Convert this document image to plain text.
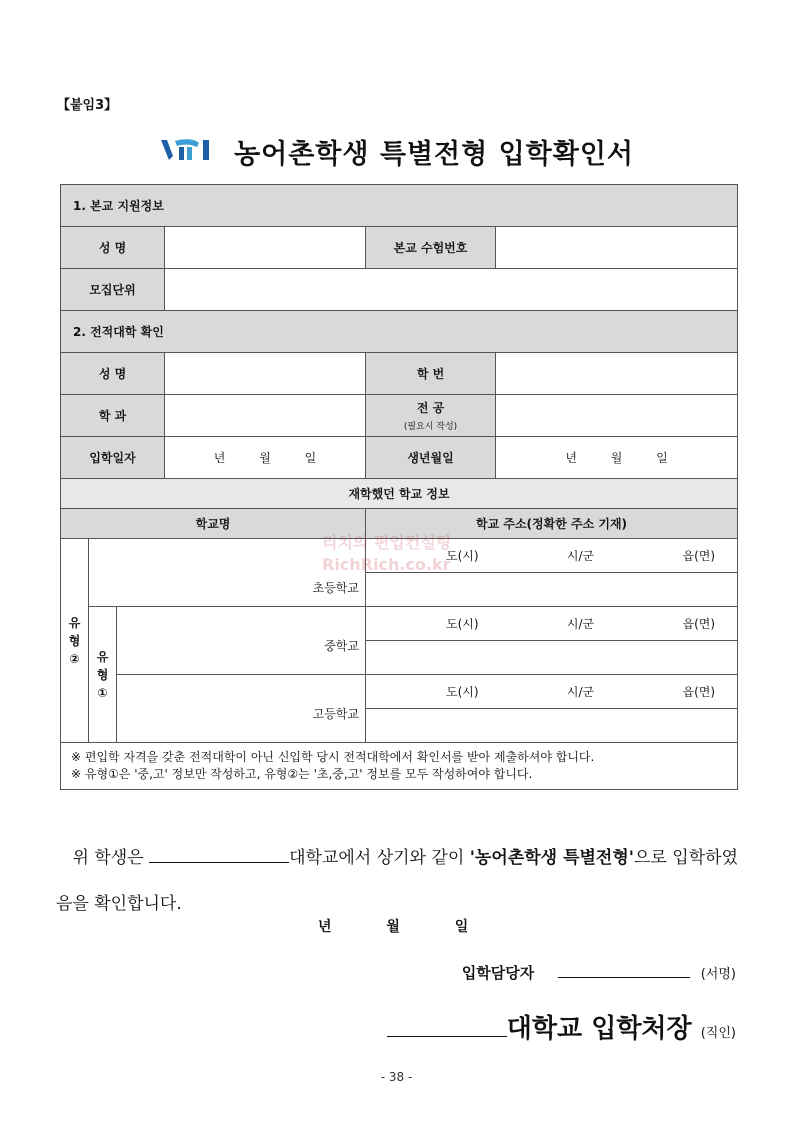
【붙임3】
농어촌학생 특별전형 입학확인서
1. 본교 지원정보					
성 명				본교 수험번호	
모집단위					
2. 전적대학 확인					
성 명				학 번	
학 과				전 공
(필요시 작성)	

입학일자			년 월 일	생년월일	년 월 일
재학했던 학교 정보					
학교명				학교 주소(정확한 주소 기재)	
유형②	초등학교			도(시) 시/군 읍(면)	

	유형①	중학교		도(시) 시/군 읍(면)	

		고등학교		도(시) 시/군 읍(면)	

※ 편입학 자격을 갖춘 전적대학이 아닌 신입학 당시 전적대학에서 확인서를 받아 제출하셔야 합니다.
※ 유형①은 '중,고' 정보만 작성하고, 유형②는 '초,중,고' 정보를 모두 작성하여야 합니다.					
리치의 편입컨설팅
RichRich.co.kr
위 학생은	대학교에서 상기와 같이 '농어촌학생 특별전형'으로 입학하였음을 확인합니다.
년 월 일
입학담당자	(서명)
대학교 입학처장 (직인)
- 38 -
